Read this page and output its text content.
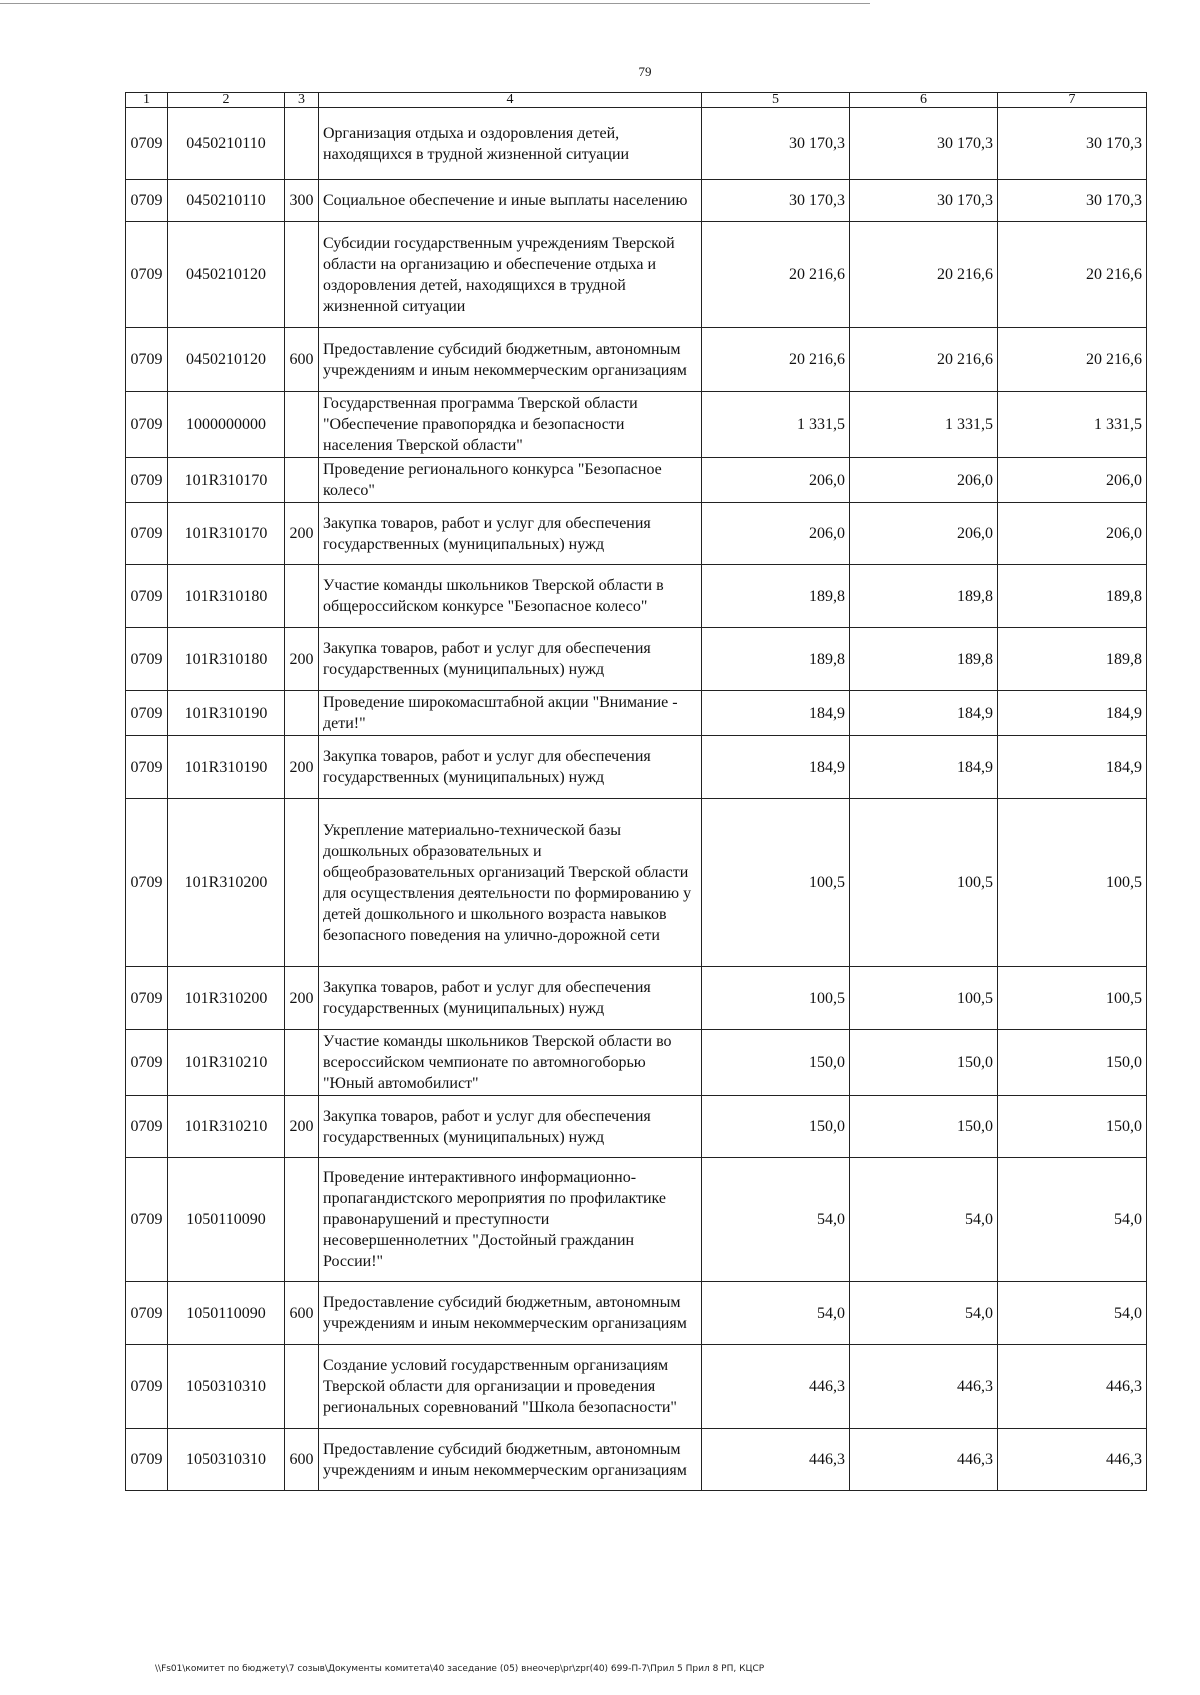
79
1	2	3	4	5	6	7
0709	0450210110		Организация отдыха и оздоровления детей, находящихся в трудной жизненной ситуации	30 170,3	30 170,3	30 170,3
0709	0450210110	300	Социальное обеспечение и иные выплаты населению	30 170,3	30 170,3	30 170,3
0709	0450210120		Субсидии государственным учреждениям Тверской области на организацию и обеспечение отдыха и оздоровления детей, находящихся в трудной жизненной ситуации	20 216,6	20 216,6	20 216,6
0709	0450210120	600	Предоставление субсидий бюджетным, автономным учреждениям и иным некоммерческим организациям	20 216,6	20 216,6	20 216,6
0709	1000000000		Государственная программа Тверской области "Обеспечение правопорядка и безопасности населения Тверской области"	1 331,5	1 331,5	1 331,5
0709	101R310170		Проведение регионального конкурса "Безопасное колесо"	206,0	206,0	206,0
0709	101R310170	200	Закупка товаров, работ и услуг для обеспечения государственных (муниципальных) нужд	206,0	206,0	206,0
0709	101R310180		Участие команды школьников Тверской области в общероссийском конкурсе "Безопасное колесо"	189,8	189,8	189,8
0709	101R310180	200	Закупка товаров, работ и услуг для обеспечения государственных (муниципальных) нужд	189,8	189,8	189,8
0709	101R310190		Проведение широкомасштабной акции "Внимание - дети!"	184,9	184,9	184,9
0709	101R310190	200	Закупка товаров, работ и услуг для обеспечения государственных (муниципальных) нужд	184,9	184,9	184,9
0709	101R310200		Укрепление материально-технической базы дошкольных образовательных и общеобразовательных организаций Тверской области для осуществления деятельности по формированию у детей дошкольного и школьного возраста навыков безопасного поведения на улично-дорожной сети	100,5	100,5	100,5
0709	101R310200	200	Закупка товаров, работ и услуг для обеспечения государственных (муниципальных) нужд	100,5	100,5	100,5
0709	101R310210		Участие команды школьников Тверской области во всероссийском чемпионате по автомногоборью "Юный автомобилист"	150,0	150,0	150,0
0709	101R310210	200	Закупка товаров, работ и услуг для обеспечения государственных (муниципальных) нужд	150,0	150,0	150,0
0709	1050110090		Проведение интерактивного информационно-пропагандистского мероприятия по профилактике правонарушений и преступности несовершеннолетних "Достойный гражданин России!"	54,0	54,0	54,0
0709	1050110090	600	Предоставление субсидий бюджетным, автономным учреждениям и иным некоммерческим организациям	54,0	54,0	54,0
0709	1050310310		Создание условий государственным организациям Тверской области для организации и проведения региональных соревнований "Школа безопасности"	446,3	446,3	446,3
0709	1050310310	600	Предоставление субсидий бюджетным, автономным учреждениям и иным некоммерческим организациям	446,3	446,3	446,3
\\Fs01\комитет по бюджету\7 созыв\Документы комитета\40 заседание (05) внеочер\pr\zpr(40) 699-П-7\Прил 5 Прил 8 РП, КЦСР
